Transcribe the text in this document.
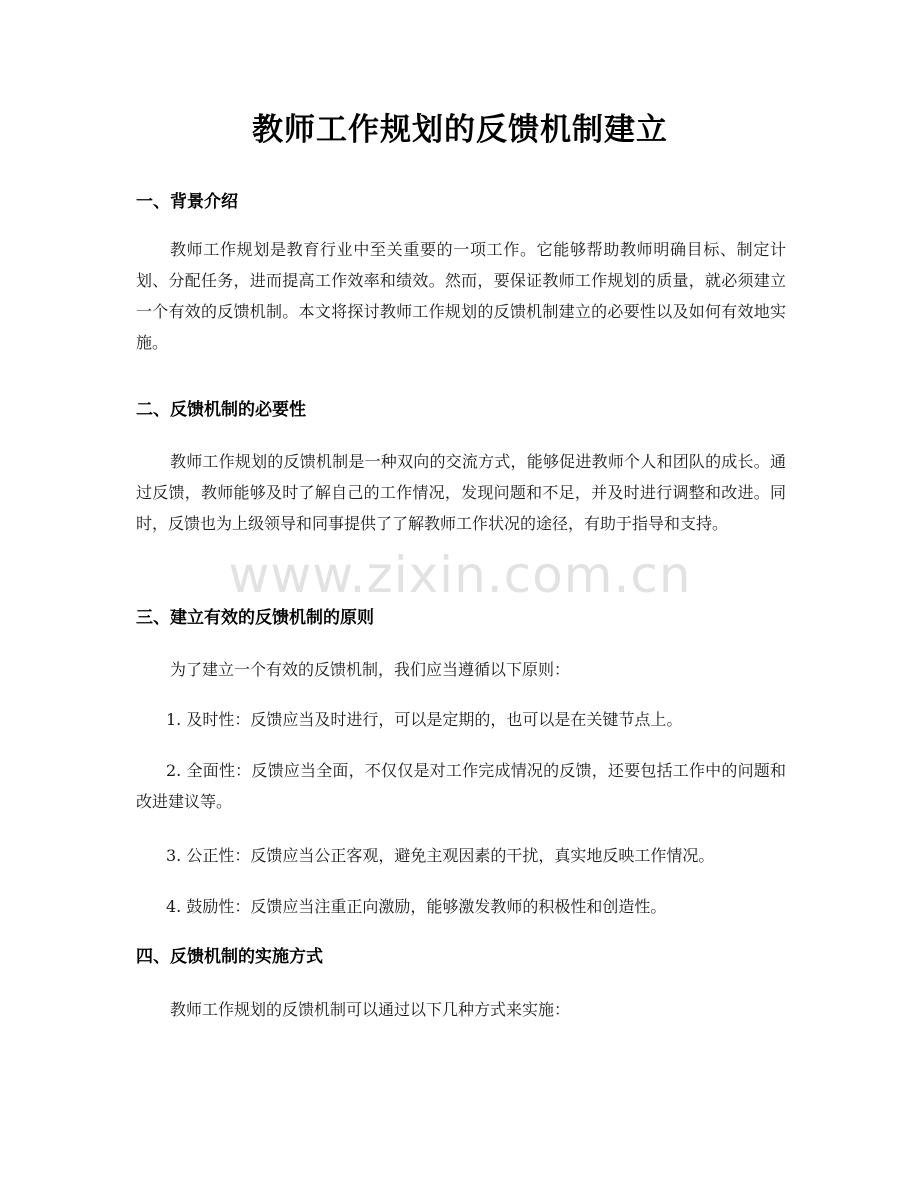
教师工作规划的反馈机制建立
一、背景介绍
教师工作规划是教育行业中至关重要的一项工作。它能够帮助教师明确目标、制定计划、分配任务，进而提高工作效率和绩效。然而，要保证教师工作规划的质量，就必须建立一个有效的反馈机制。本文将探讨教师工作规划的反馈机制建立的必要性以及如何有效地实施。
二、反馈机制的必要性
教师工作规划的反馈机制是一种双向的交流方式，能够促进教师个人和团队的成长。通过反馈，教师能够及时了解自己的工作情况，发现问题和不足，并及时进行调整和改进。同时，反馈也为上级领导和同事提供了了解教师工作状况的途径，有助于指导和支持。
三、建立有效的反馈机制的原则
为了建立一个有效的反馈机制，我们应当遵循以下原则：
1. 及时性：反馈应当及时进行，可以是定期的，也可以是在关键节点上。
2. 全面性：反馈应当全面，不仅仅是对工作完成情况的反馈，还要包括工作中的问题和改进建议等。
3. 公正性：反馈应当公正客观，避免主观因素的干扰，真实地反映工作情况。
4. 鼓励性：反馈应当注重正向激励，能够激发教师的积极性和创造性。
四、反馈机制的实施方式
教师工作规划的反馈机制可以通过以下几种方式来实施：
www.zixin.com.cn
